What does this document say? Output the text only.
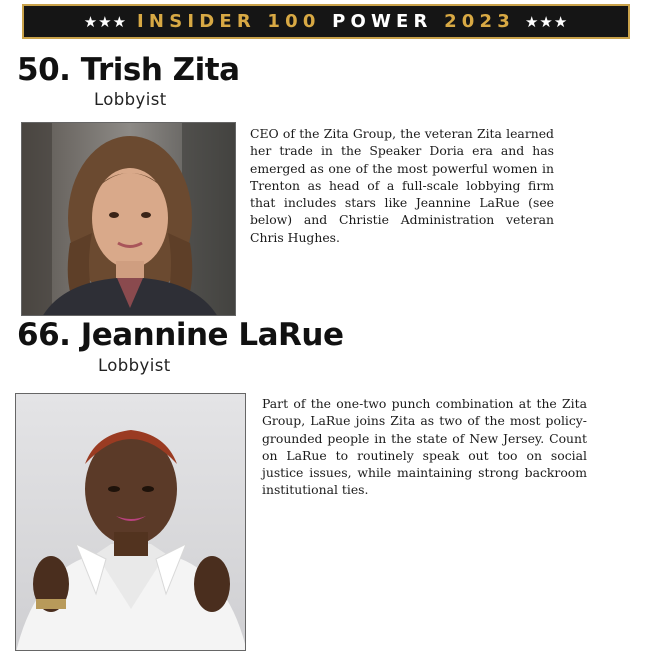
★★★ INSIDER 100 POWER 2023 ★★★
50. Trish Zita
Lobbyist

CEO of the Zita Group, the veteran Zita learned her trade in the Speaker Doria era and has emerged as one of the most powerful women in Trenton as head of a full-scale lobbying firm that includes stars like Jeannine LaRue (see below) and Christie Administration veteran Chris Hughes.

66. Jeannine LaRue
Lobbyist

Part of the one-two punch combination at the Zita Group, LaRue joins Zita as two of the most policy-grounded people in the state of New Jersey. Count on LaRue to routinely speak out too on social justice issues, while maintaining strong backroom institutional ties.
